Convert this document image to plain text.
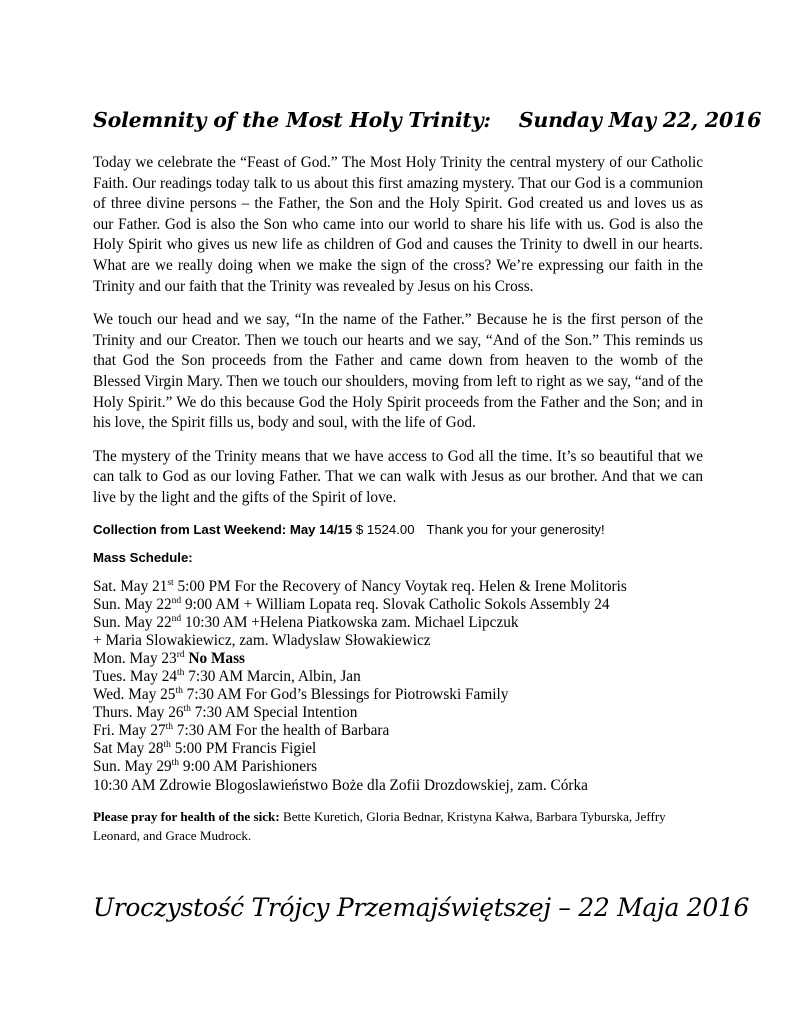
Solemnity of the Most Holy Trinity: Sunday May 22, 2016

Today we celebrate the “Feast of God.” The Most Holy Trinity the central mystery of our Catholic Faith. Our readings today talk to us about this first amazing mystery. That our God is a communion of three divine persons – the Father, the Son and the Holy Spirit. God created us and loves us as our Father. God is also the Son who came into our world to share his life with us. God is also the Holy Spirit who gives us new life as children of God and causes the Trinity to dwell in our hearts. What are we really doing when we make the sign of the cross? We’re expressing our faith in the Trinity and our faith that the Trinity was revealed by Jesus on his Cross.

We touch our head and we say, “In the name of the Father.” Because he is the first person of the Trinity and our Creator. Then we touch our hearts and we say, “And of the Son.” This reminds us that God the Son proceeds from the Father and came down from heaven to the womb of the Blessed Virgin Mary. Then we touch our shoulders, moving from left to right as we say, “and of the Holy Spirit.” We do this because God the Holy Spirit proceeds from the Father and the Son; and in his love, the Spirit fills us, body and soul, with the life of God.

The mystery of the Trinity means that we have access to God all the time. It’s so beautiful that we can talk to God as our loving Father. That we can walk with Jesus as our brother. And that we can live by the light and the gifts of the Spirit of love.

Collection from Last Weekend: May 14/15 $ 1524.00 Thank you for your generosity!

Mass Schedule:

Sat. May 21st 5:00 PM For the Recovery of Nancy Voytak req. Helen & Irene Molitoris
Sun. May 22nd 9:00 AM + William Lopata req. Slovak Catholic Sokols Assembly 24
Sun. May 22nd 10:30 AM +Helena Piatkowska zam. Michael Lipczuk
+ Maria Slowakiewicz, zam. Wladyslaw Słowakiewicz
Mon. May 23rd No Mass
Tues. May 24th 7:30 AM Marcin, Albin, Jan
Wed. May 25th 7:30 AM For God’s Blessings for Piotrowski Family
Thurs. May 26th 7:30 AM Special Intention
Fri. May 27th 7:30 AM For the health of Barbara
Sat May 28th 5:00 PM Francis Figiel
Sun. May 29th 9:00 AM Parishioners
10:30 AM Zdrowie Blogoslawieństwo Boże dla Zofii Drozdowskiej, zam. Córka

Please pray for health of the sick: Bette Kuretich, Gloria Bednar, Kristyna Kałwa, Barbara Tyburska, Jeffry Leonard, and Grace Mudrock.

Uroczystość Trójcy Przemajświętszej – 22 Maja 2016
